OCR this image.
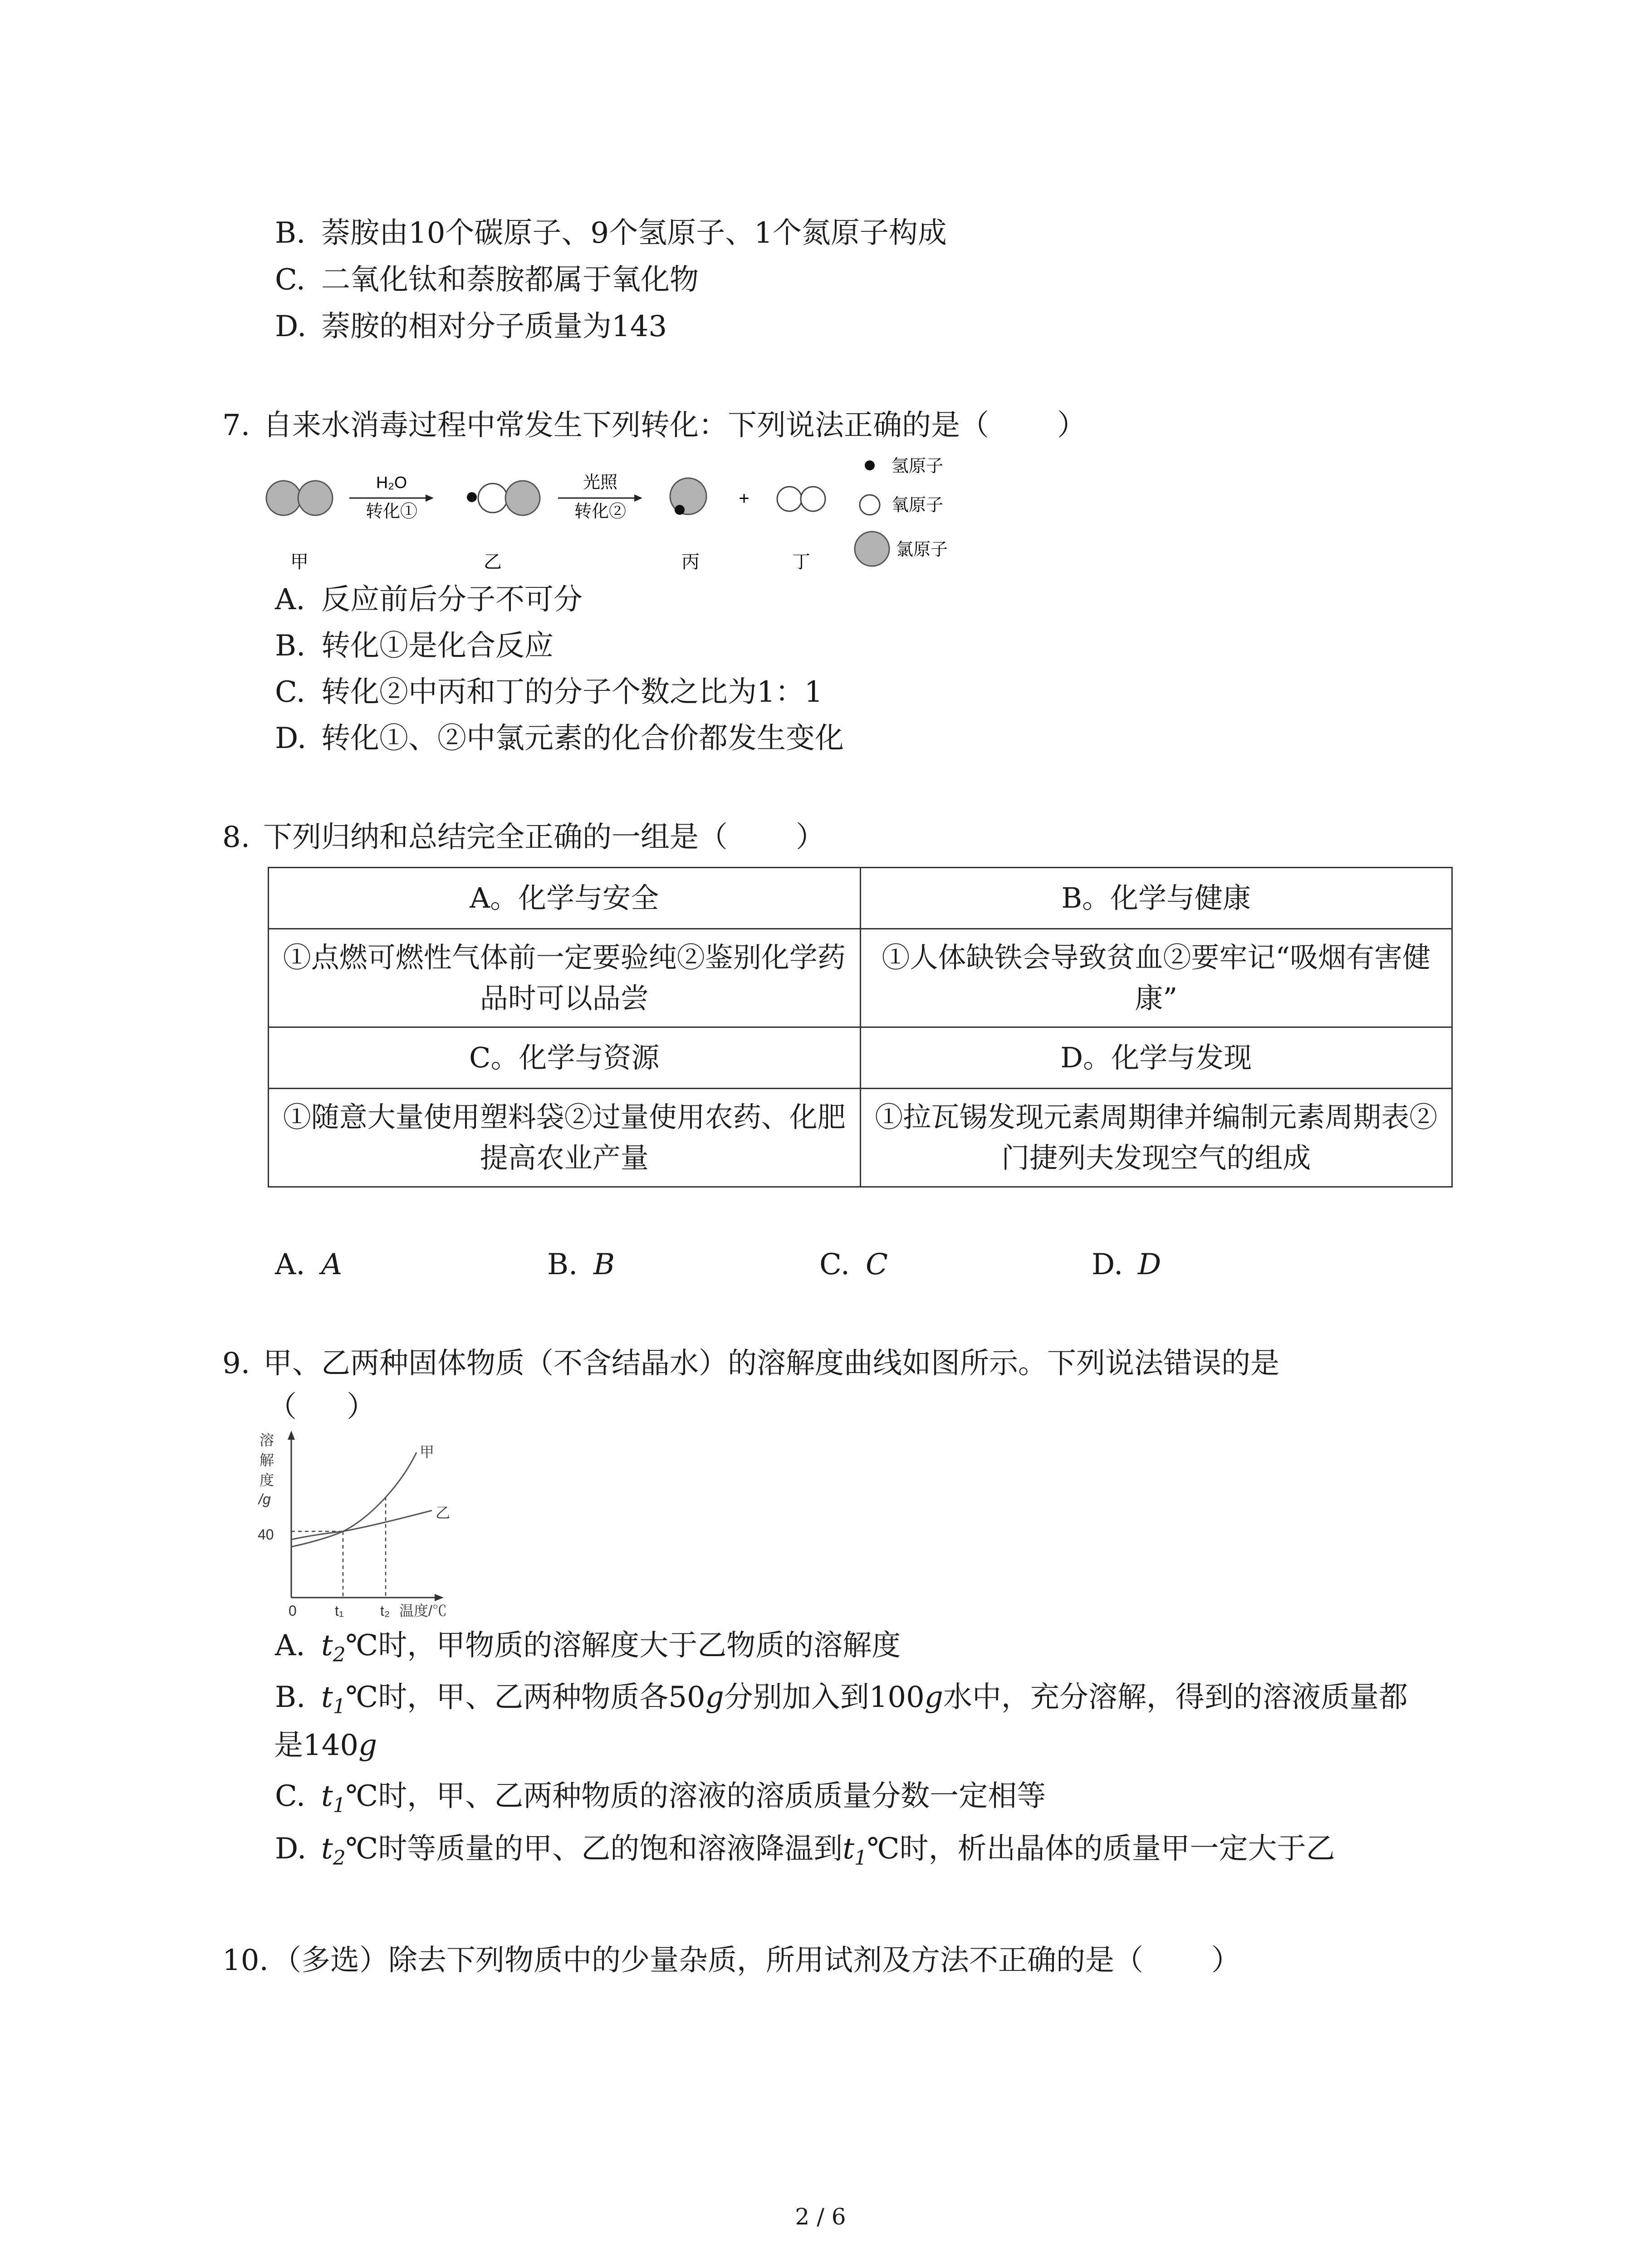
B. 萘胺由10个碳原子、9个氢原子、1个氮原子构成
C. 二氧化钛和萘胺都属于氧化物
D. 萘胺的相对分子质量为143
7. 自来水消毒过程中常发生下列转化：下列说法正确的是（ ）
H₂O
转化①
光照
转化②
+
甲	乙	丙	丁
氢原子
氧原子
氯原子
A. 反应前后分子不可分
B. 转化①是化合反应
C. 转化②中丙和丁的分子个数之比为1：1
D. 转化①、②中氯元素的化合价都发生变化
8. 下列归纳和总结完全正确的一组是（ ）
A。化学与安全	B。化学与健康
①点燃可燃性气体前一定要验纯②鉴别化学药品时可以品尝	①人体缺铁会导致贫血②要牢记“吸烟有害健康”
C。化学与资源	D。化学与发现
①随意大量使用塑料袋②过量使用农药、化肥提高农业产量	①拉瓦锡发现元素周期律并编制元素周期表②门捷列夫发现空气的组成
A. A	B. B	C. C	D. D
9. 甲、乙两种固体物质（不含结晶水）的溶解度曲线如图所示。下列说法错误的是
（ ）
溶
解
度
/g
40
0	t₁	t₂ 温度/℃
甲
乙
A. $t_2℃$时，甲物质的溶解度大于乙物质的溶解度
B. $t_1℃$时，甲、乙两种物质各50g分别加入到100g水中，充分溶解，得到的溶液质量都
是140g
C. $t_1℃$时，甲、乙两种物质的溶液的溶质质量分数一定相等
D. $t_2℃$时等质量的甲、乙的饱和溶液降温到$t_1℃$时，析出晶体的质量甲一定大于乙
10. （多选）除去下列物质中的少量杂质，所用试剂及方法不正确的是（ ）
2 / 6
